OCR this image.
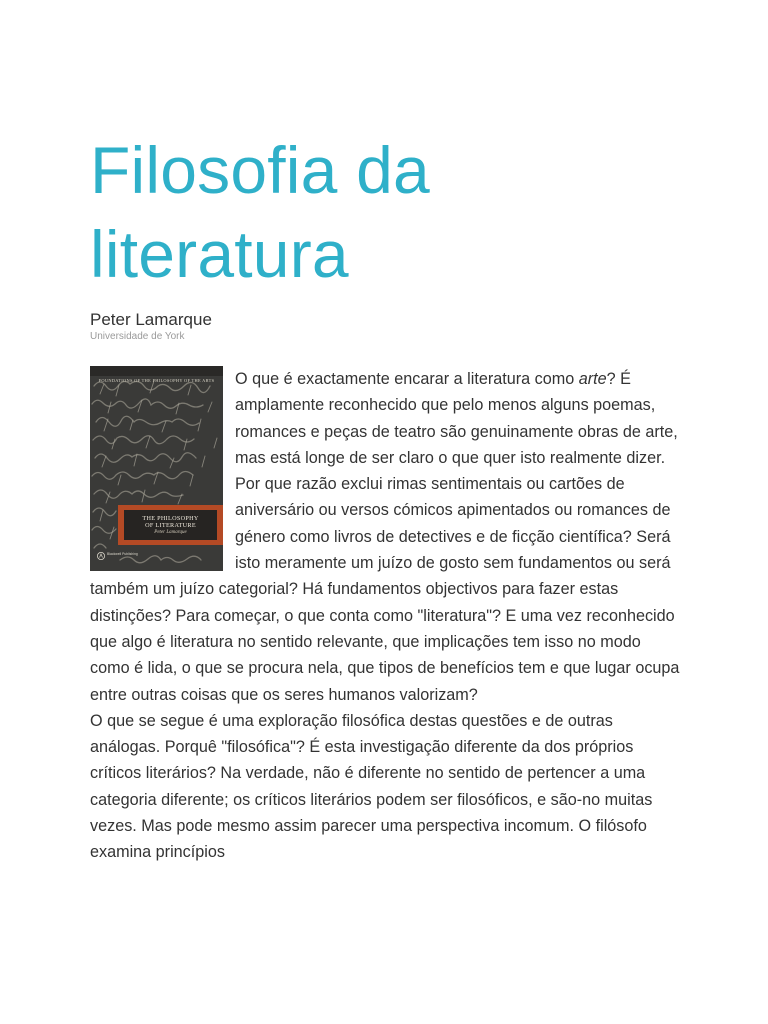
Filosofia da
literatura
Peter Lamarque
Universidade de York
FOUNDATIONS OF THE PHILOSOPHY OF THE ARTS
THE PHILOSOPHY
OF LITERATURE
Peter Lamarque
Blackwell Publishing

O que é exactamente encarar a literatura como arte? É amplamente reconhecido que pelo menos alguns poemas, romances e peças de teatro são genuinamente obras de arte, mas está longe de ser claro o que quer isto realmente dizer. Por que razão exclui rimas sentimentais ou cartões de aniversário ou versos cómicos apimentados ou romances de género como livros de detectives e de ficção científica? Será isto meramente um juízo de gosto sem fundamentos ou será também um juízo categorial? Há fundamentos objectivos para fazer estas distinções? Para começar, o que conta como "literatura"? E uma vez reconhecido que algo é literatura no sentido relevante, que implicações tem isso no modo como é lida, o que se procura nela, que tipos de benefícios tem e que lugar ocupa entre outras coisas que os seres humanos valorizam?

O que se segue é uma exploração filosófica destas questões e de outras análogas. Porquê "filosófica"? É esta investigação diferente da dos próprios críticos literários? Na verdade, não é diferente no sentido de pertencer a uma categoria diferente; os críticos literários podem ser filosóficos, e são-no muitas vezes. Mas pode mesmo assim parecer uma perspectiva incomum. O filósofo examina princípios
